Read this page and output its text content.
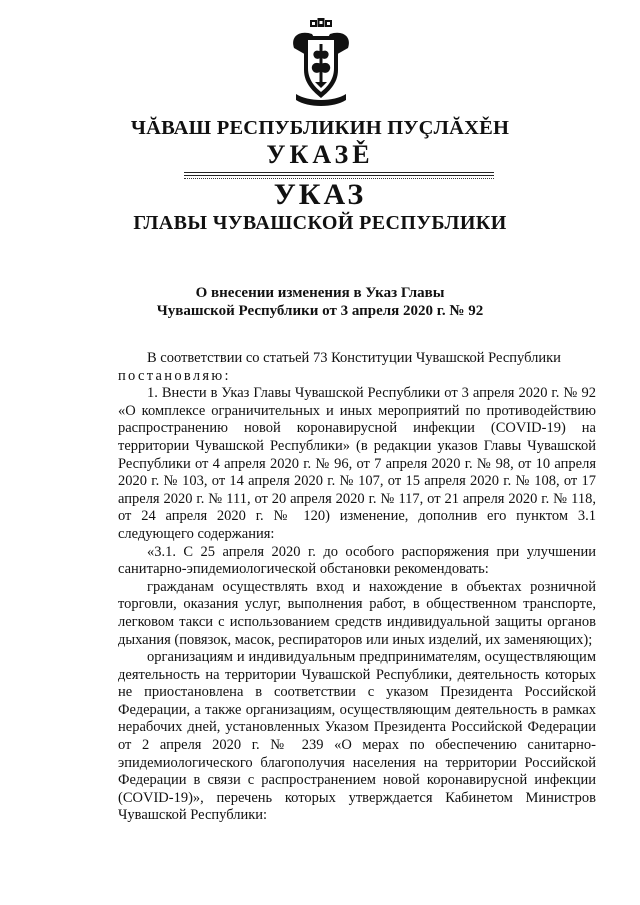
ЧĂВАШ РЕСПУБЛИКИН ПУÇЛĂХĚН
УКАЗĚ
УКАЗ
ГЛАВЫ ЧУВАШСКОЙ РЕСПУБЛИКИ
О внесении изменения в Указ Главы
Чувашской Республики от 3 апреля 2020 г. № 92

В соответствии со статьей 73 Конституции Чувашской Республики

постановляю:

1. Внести в Указ Главы Чувашской Республики от 3 апреля 2020 г. № 92 «О комплексе ограничительных и иных мероприятий по противодействию распространению новой коронавирусной инфекции (COVID-19) на территории Чувашской Республики» (в редакции указов Главы Чувашской Республики от 4 апреля 2020 г. № 96, от 7 апреля 2020 г. № 98, от 10 апреля 2020 г. № 103, от 14 апреля 2020 г. № 107, от 15 апреля 2020 г. № 108, от 17 апреля 2020 г. № 111, от 20 апреля 2020 г. № 117, от 21 апреля 2020 г. № 118, от 24 апреля 2020 г. № 120) изменение, дополнив его пунктом 3.1 следующего содержания:

«3.1. С 25 апреля 2020 г. до особого распоряжения при улучшении санитарно-эпидемиологической обстановки рекомендовать:

гражданам осуществлять вход и нахождение в объектах розничной торговли, оказания услуг, выполнения работ, в общественном транспорте, легковом такси с использованием средств индивидуальной защиты органов дыхания (повязок, масок, респираторов или иных изделий, их заменяющих);

организациям и индивидуальным предпринимателям, осуществляющим деятельность на территории Чувашской Республики, деятельность которых не приостановлена в соответствии с указом Президента Российской Федерации, а также организациям, осуществляющим деятельность в рамках нерабочих дней, установленных Указом Президента Российской Федерации от 2 апреля 2020 г. № 239 «О мерах по обеспечению санитарно-эпидемиологического благополучия населения на территории Российской Федерации в связи с распространением новой коронавирусной инфекции (COVID-19)», перечень которых утверждается Кабинетом Министров Чувашской Республики:
